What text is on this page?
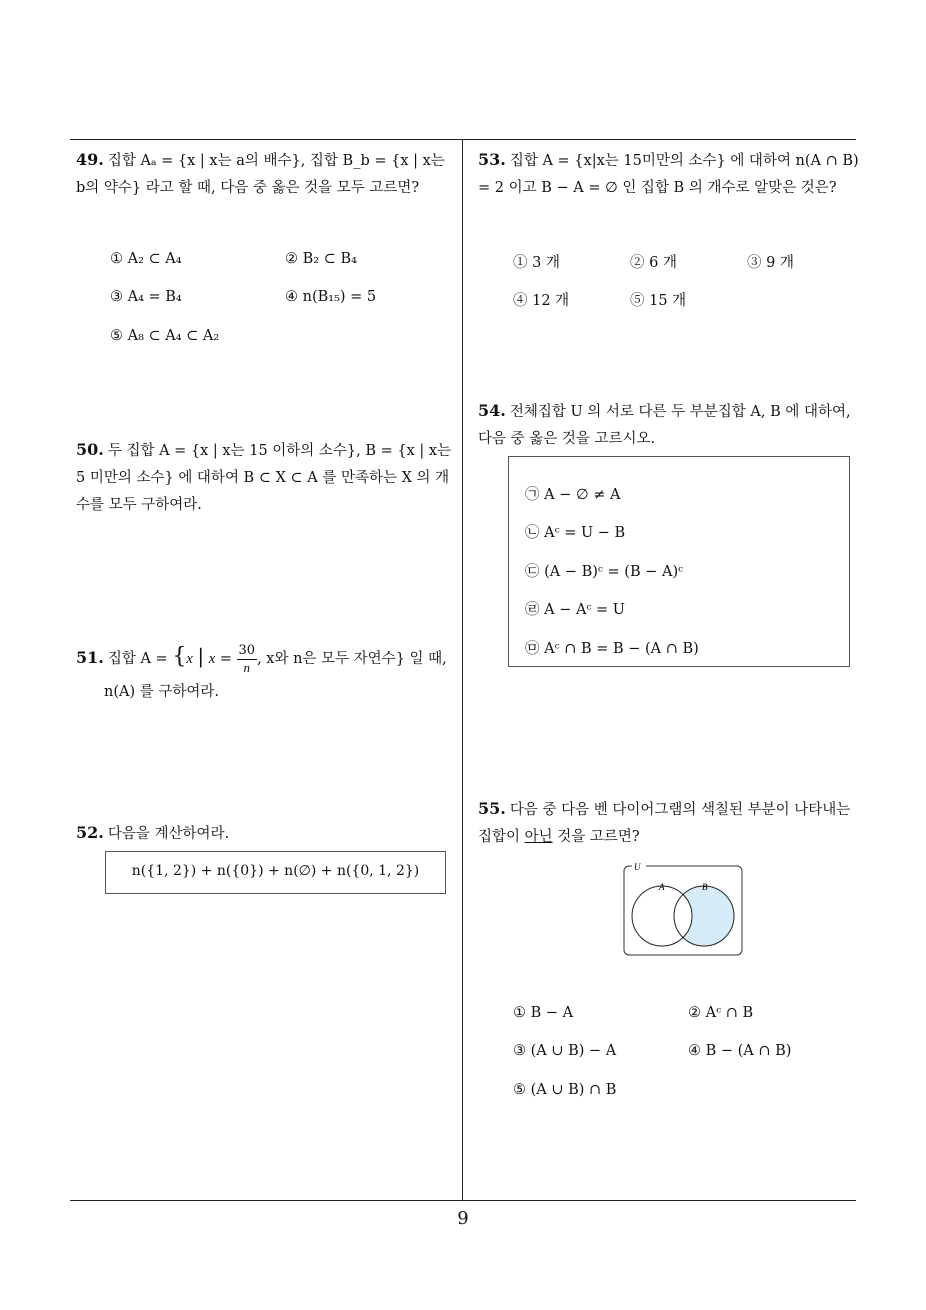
49. 집합 Aₐ = {x | x는 a의 배수}, 집합 B_b = {x | x는 b의 약수} 라고 할 때, 다음 중 옳은 것을 모두 고르면?
① A₂ ⊂ A₄	② B₂ ⊂ B₄
③ A₄ = B₄	④ n(B₁₅) = 5
⑤ A₈ ⊂ A₄ ⊂ A₂
50. 두 집합 A = {x | x는 15 이하의 소수}, B = {x | x는 5 미만의 소수} 에 대하여 B ⊂ X ⊂ A 를 만족하는 X 의 개수를 모두 구하여라.
51. 집합 A = {x | $x = \frac{30}{n}$ , x와 n은 모두 자연수} 일 때,
n(A) 를 구하여라.
52. 다음을 계산하여라.
n({1, 2}) + n({0}) + n(∅) + n({0, 1, 2})
53. 집합 A = {x|x는 15미만의 소수} 에 대하여 n(A ∩ B) = 2 이고 B − A = ∅ 인 집합 B 의 개수로 알맞은 것은?
① 3 개	② 6 개	③ 9 개
④ 12 개	⑤ 15 개
54. 전체집합 U 의 서로 다른 두 부분집합 A, B 에 대하여, 다음 중 옳은 것을 고르시오.
㉠ A − ∅ ≠ A
㉡ Aᶜ = U − B
㉢ (A − B)ᶜ = (B − A)ᶜ
㉣ A − Aᶜ = U
㉤ Aᶜ ∩ B = B − (A ∩ B)
55. 다음 중 다음 벤 다이어그램의 색칠된 부분이 나타내는 집합이 아닌 것을 고르면?
U
A	B
① B − A	② Aᶜ ∩ B
③ (A ∪ B) − A	④ B − (A ∩ B)
⑤ (A ∪ B) ∩ B
9
